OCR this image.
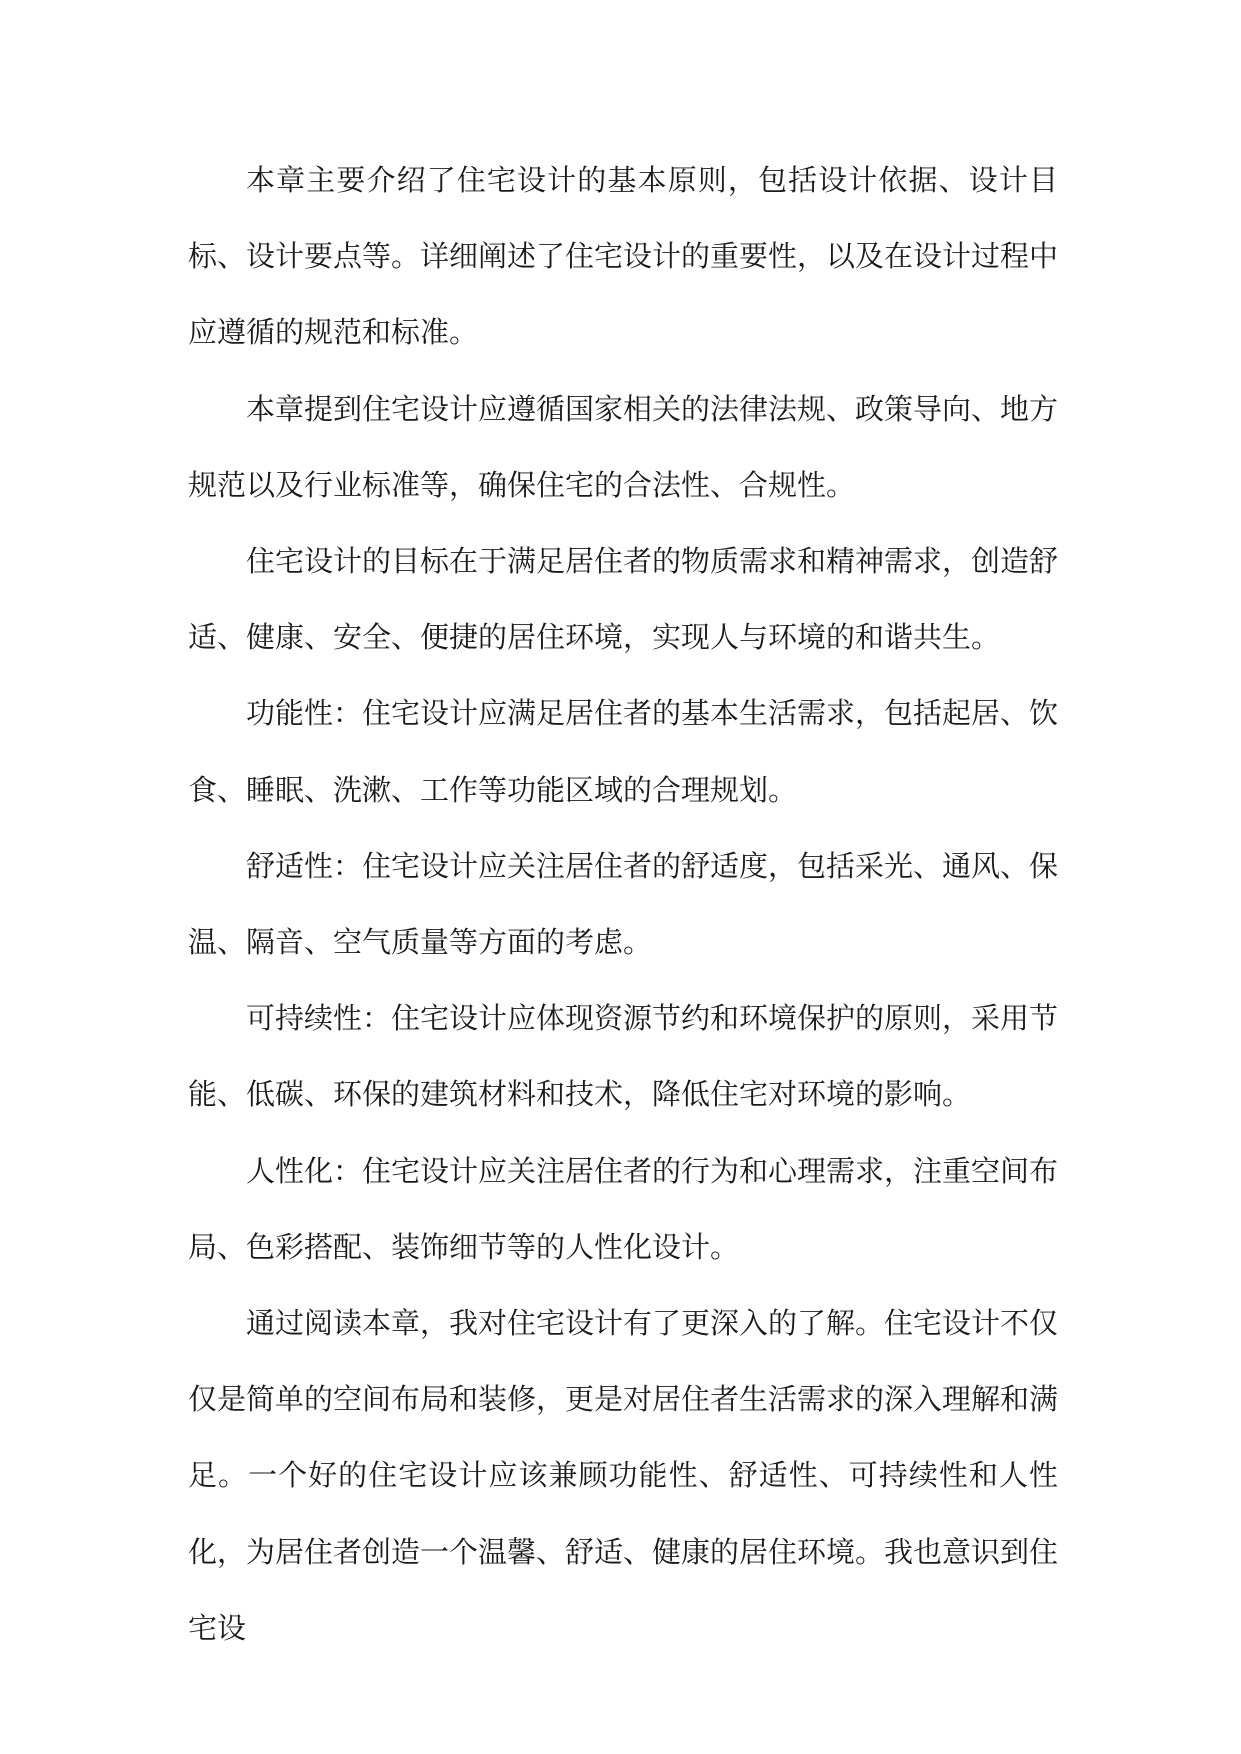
本章主要介绍了住宅设计的基本原则，包括设计依据、设计目标、设计要点等。详细阐述了住宅设计的重要性，以及在设计过程中应遵循的规范和标准。

本章提到住宅设计应遵循国家相关的法律法规、政策导向、地方规范以及行业标准等，确保住宅的合法性、合规性。

住宅设计的目标在于满足居住者的物质需求和精神需求，创造舒适、健康、安全、便捷的居住环境，实现人与环境的和谐共生。

功能性：住宅设计应满足居住者的基本生活需求，包括起居、饮食、睡眠、洗漱、工作等功能区域的合理规划。

舒适性：住宅设计应关注居住者的舒适度，包括采光、通风、保温、隔音、空气质量等方面的考虑。

可持续性：住宅设计应体现资源节约和环境保护的原则，采用节能、低碳、环保的建筑材料和技术，降低住宅对环境的影响。

人性化：住宅设计应关注居住者的行为和心理需求，注重空间布局、色彩搭配、装饰细节等的人性化设计。

通过阅读本章，我对住宅设计有了更深入的了解。住宅设计不仅仅是简单的空间布局和装修，更是对居住者生活需求的深入理解和满足。一个好的住宅设计应该兼顾功能性、舒适性、可持续性和人性化，为居住者创造一个温馨、舒适、健康的居住环境。我也意识到住宅设
